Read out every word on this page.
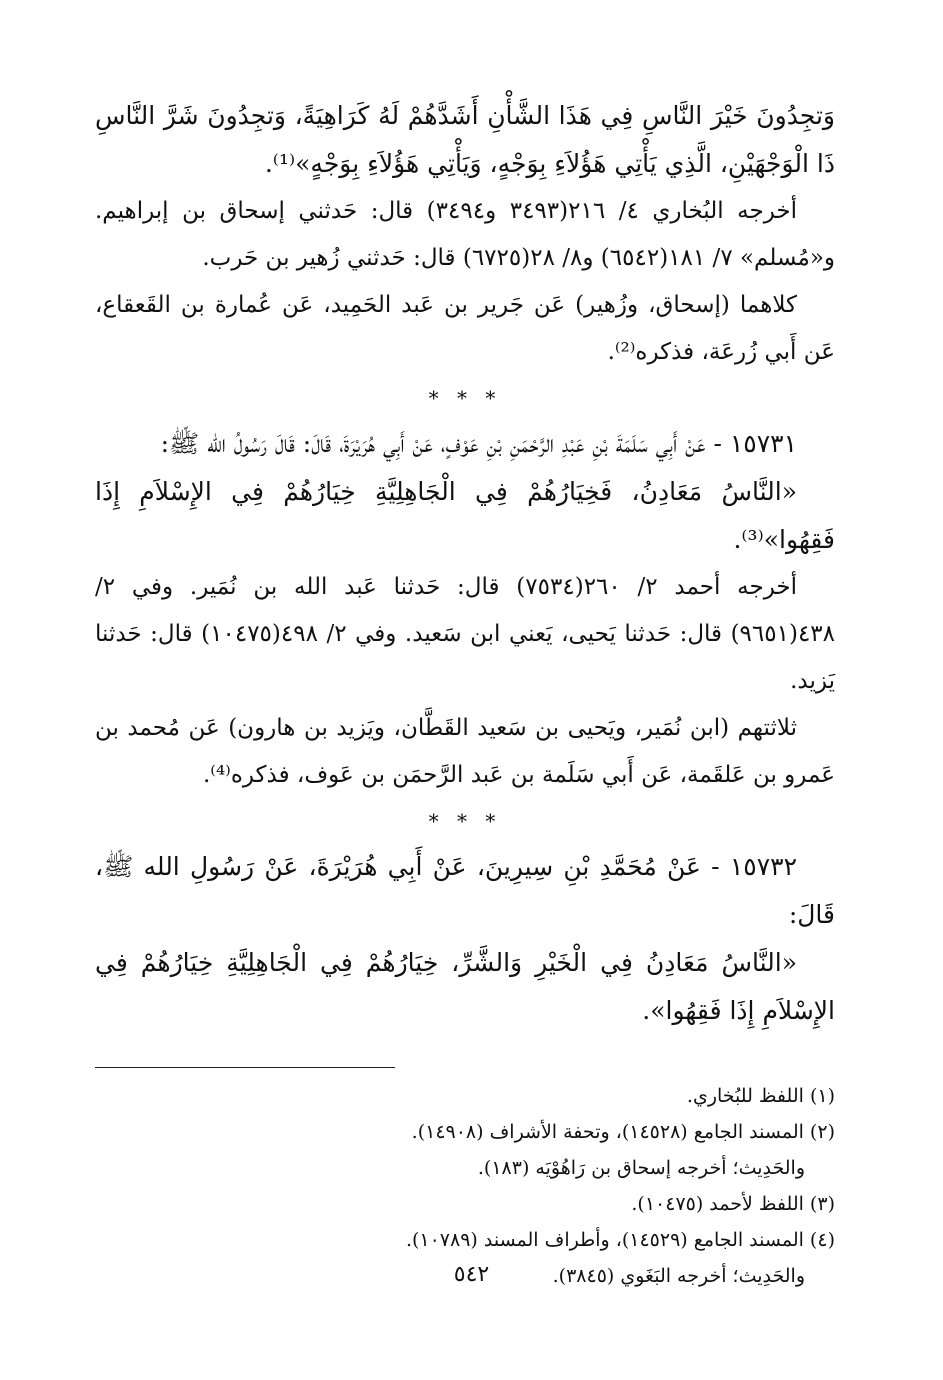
وَتجِدُونَ خَيْرَ النَّاسِ فِي هَذَا الشَّأْنِ أَشَدَّهُمْ لَهُ كَرَاهِيَةً، وَتجِدُونَ شَرَّ النَّاسِ ذَا الْوَجْهَيْنِ، الَّذِي يَأْتِي هَؤُلاَءِ بِوَجْهٍ، وَيَأْتِي هَؤُلاَءِ بِوَجْهٍ»⁽¹⁾.

أخرجه البُخاري ٤/ ٢١٦(٣٤٩٣ و٣٤٩٤) قال: حَدثني إسحاق بن إبراهيم. و«مُسلم» ٧/ ١٨١(٦٥٤٢) و٨/ ٢٨(٦٧٢٥) قال: حَدثني زُهير بن حَرب.

كلاهما (إسحاق، وزُهير) عَن جَرير بن عَبد الحَمِيد، عَن عُمارة بن القَعقاع، عَن أَبي زُرعَة، فذكره⁽²⁾.

* * *

١٥٧٣١ - عَنْ أَبِي سَلَمَةَ بْنِ عَبْدِ الرَّحْمَنِ بْنِ عَوْفٍ، عَنْ أَبِي هُرَيْرَةَ، قَالَ: قَالَ رَسُولُ الله ﷺ:

«النَّاسُ مَعَادِنُ، فَخِيَارُهُمْ فِي الْجَاهِلِيَّةِ خِيَارُهُمْ فِي الإِسْلاَمِ إِذَا فَقِهُوا»⁽³⁾.

أخرجه أحمد ٢/ ٢٦٠(٧٥٣٤) قال: حَدثنا عَبد الله بن نُمَير. وفي ٢/ ٤٣٨(٩٦٥١) قال: حَدثنا يَحيى، يَعني ابن سَعيد. وفي ٢/ ٤٩٨(١٠٤٧٥) قال: حَدثنا يَزيد.

ثلاثتهم (ابن نُمَير، ويَحيى بن سَعيد القَطَّان، ويَزيد بن هارون) عَن مُحمد بن عَمرو بن عَلقَمة، عَن أَبي سَلَمة بن عَبد الرَّحمَن بن عَوف، فذكره⁽⁴⁾.

* * *

١٥٧٣٢ - عَنْ مُحَمَّدِ بْنِ سِيرِينَ، عَنْ أَبِي هُرَيْرَةَ، عَنْ رَسُولِ الله ﷺ، قَالَ:

«النَّاسُ مَعَادِنُ فِي الْخَيْرِ وَالشَّرِّ، خِيَارُهُمْ فِي الْجَاهِلِيَّةِ خِيَارُهُمْ فِي الإِسْلاَمِ إِذَا فَقِهُوا».

(١) اللفظ للبُخاري.

(٢) المسند الجامع (١٤٥٢٨)، وتحفة الأشراف (١٤٩٠٨).

والحَدِيث؛ أخرجه إسحاق بن رَاهُوْيَه (١٨٣).

(٣) اللفظ لأحمد (١٠٤٧٥).

(٤) المسند الجامع (١٤٥٢٩)، وأطراف المسند (١٠٧٨٩).

والحَدِيث؛ أخرجه البَغَوي (٣٨٤٥).

٥٤٢
